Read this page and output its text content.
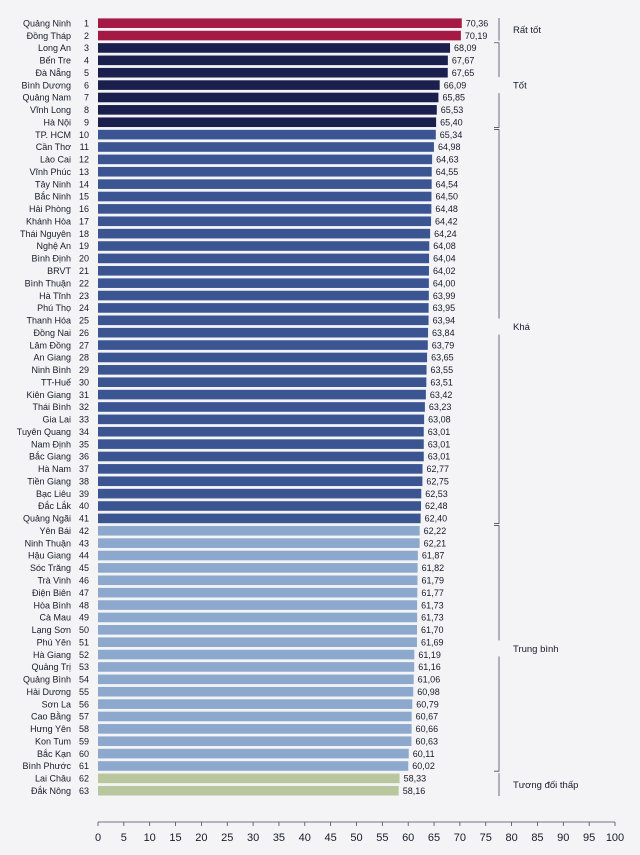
Quảng Ninh
Đồng Tháp
Long An
Bến Tre
Đà Nẵng
Bình Dương
Quảng Nam
Vĩnh Long
Hà Nội
TP. HCM
Cần Thơ
Lào Cai
Vĩnh Phúc
Tây Ninh
Bắc Ninh
Hải Phòng
Khánh Hòa
Thái Nguyên
Nghệ An
Bình Định
BRVT
Bình Thuận
Hà Tĩnh
Phú Thọ
Thanh Hóa
Đồng Nai
Lâm Đồng
An Giang
Ninh Bình
TT-Huế
Kiên Giang
Thái Bình
Gia Lai
Tuyên Quang
Nam Định
Bắc Giang
Hà Nam
Tiền Giang
Bạc Liêu
Đắc Lắk
Quảng Ngãi
Yên Bái
Ninh Thuận
Hậu Giang
Sóc Trăng
Trà Vinh
Điện Biên
Hòa Bình
Cà Mau
Lạng Sơn
Phú Yên
Hà Giang
Quảng Trị
Quảng Bình
Hải Dương
Sơn La
Cao Bằng
Hưng Yên
Kon Tum
Bắc Kạn
Bình Phước
Lai Châu
Đắk Nông
1
2
3
4
5
6
7
8
9
10
11
12
13
14
15
16
17
18
19
20
21
22
23
24
25
26
27
28
29
30
31
32
33
34
35
36
37
38
39
40
41
42
43
44
45
46
47
48
49
50
51
52
53
54
55
56
57
58
59
60
61
62
63
70,36
70,19
68,09
67,67
67,65
66,09
65,85
65,53
65,40
65,34
64,98
64,63
64,55
64,54
64,50
64,48
64,42
64,24
64,08
64,04
64,02
64,00
63,99
63,95
63,94
63,84
63,79
63,65
63,55
63,51
63,42
63,23
63,08
63,01
63,01
63,01
62,77
62,75
62,53
62,48
62,40
62,22
62,21
61,87
61,82
61,79
61,77
61,73
61,73
61,70
61,69
61,19
61,16
61,06
60,98
60,79
60,67
60,66
60,63
60,11
60,02
58,33
58,16
Rất tốt
Tốt
Khá
Trung bình
Tương đối thấp
0 5 10 15 20 25 30 35 40 45 50 55 60 65 70 75 80 85 90 95 100
